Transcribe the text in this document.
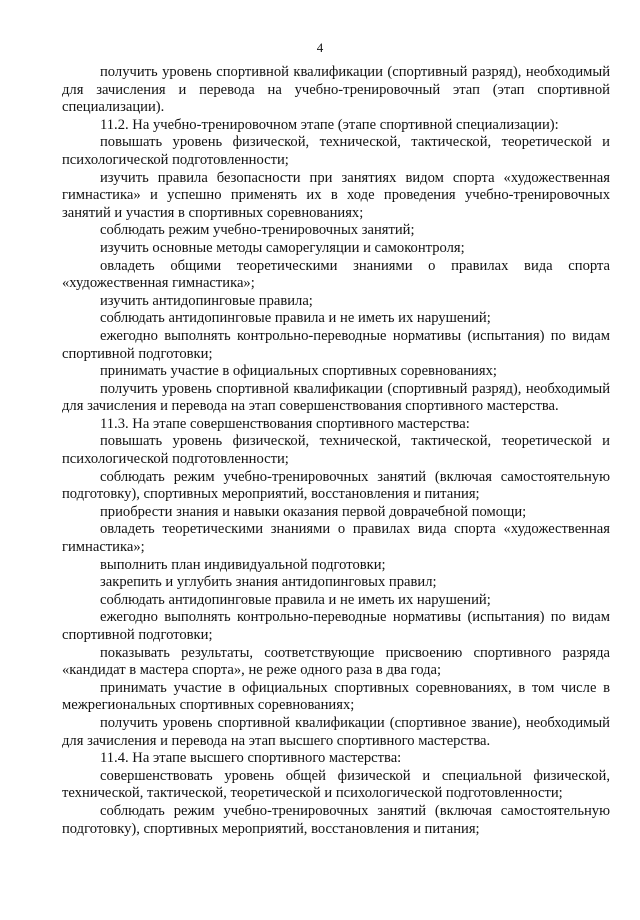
4

получить уровень спортивной квалификации (спортивный разряд), необходимый для зачисления и перевода на учебно-тренировочный этап (этап спортивной специализации).

11.2. На учебно-тренировочном этапе (этапе спортивной специализации):

повышать уровень физической, технической, тактической, теоретической и психологической подготовленности;

изучить правила безопасности при занятиях видом спорта «художественная гимнастика» и успешно применять их в ходе проведения учебно-тренировочных занятий и участия в спортивных соревнованиях;

соблюдать режим учебно-тренировочных занятий;

изучить основные методы саморегуляции и самоконтроля;

овладеть общими теоретическими знаниями о правилах вида спорта «художественная гимнастика»;

изучить антидопинговые правила;

соблюдать антидопинговые правила и не иметь их нарушений;

ежегодно выполнять контрольно-переводные нормативы (испытания) по видам спортивной подготовки;

принимать участие в официальных спортивных соревнованиях;

получить уровень спортивной квалификации (спортивный разряд), необходимый для зачисления и перевода на этап совершенствования спортивного мастерства.

11.3. На этапе совершенствования спортивного мастерства:

повышать уровень физической, технической, тактической, теоретической и психологической подготовленности;

соблюдать режим учебно-тренировочных занятий (включая самостоятельную подготовку), спортивных мероприятий, восстановления и питания;

приобрести знания и навыки оказания первой доврачебной помощи;

овладеть теоретическими знаниями о правилах вида спорта «художественная гимнастика»;

выполнить план индивидуальной подготовки;

закрепить и углубить знания антидопинговых правил;

соблюдать антидопинговые правила и не иметь их нарушений;

ежегодно выполнять контрольно-переводные нормативы (испытания) по видам спортивной подготовки;

показывать результаты, соответствующие присвоению спортивного разряда «кандидат в мастера спорта», не реже одного раза в два года;

принимать участие в официальных спортивных соревнованиях, в том числе в межрегиональных спортивных соревнованиях;

получить уровень спортивной квалификации (спортивное звание), необходимый для зачисления и перевода на этап высшего спортивного мастерства.

11.4. На этапе высшего спортивного мастерства:

совершенствовать уровень общей физической и специальной физической, технической, тактической, теоретической и психологической подготовленности;

соблюдать режим учебно-тренировочных занятий (включая самостоятельную подготовку), спортивных мероприятий, восстановления и питания;
